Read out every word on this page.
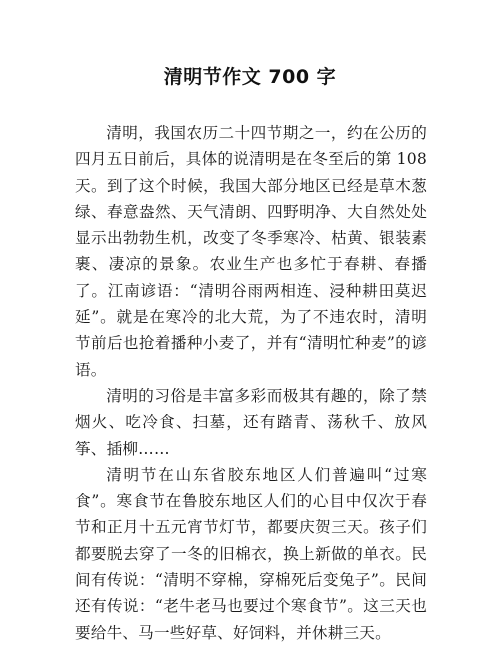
清明节作文 700 字

清明，我国农历二十四节期之一，约在公历的四月五日前后，具体的说清明是在冬至后的第 108 天。到了这个时候，我国大部分地区已经是草木葱绿、春意盎然、天气清朗、四野明净、大自然处处显示出勃勃生机，改变了冬季寒冷、枯黄、银装素裹、凄凉的景象。农业生产也多忙于春耕、春播了。江南谚语：“清明谷雨两相连、浸种耕田莫迟延”。就是在寒冷的北大荒，为了不违农时，清明节前后也抢着播种小麦了，并有“清明忙种麦”的谚语。

清明的习俗是丰富多彩而极其有趣的，除了禁烟火、吃冷食、扫墓，还有踏青、荡秋千、放风筝、插柳……

清明节在山东省胶东地区人们普遍叫“过寒食”。寒食节在鲁胶东地区人们的心目中仅次于春节和正月十五元宵节灯节，都要庆贺三天。孩子们都要脱去穿了一冬的旧棉衣，换上新做的单衣。民间有传说：“清明不穿棉，穿棉死后变兔子”。民间还有传说：“老牛老马也要过个寒食节”。这三天也要给牛、马一些好草、好饲料，并休耕三天。
